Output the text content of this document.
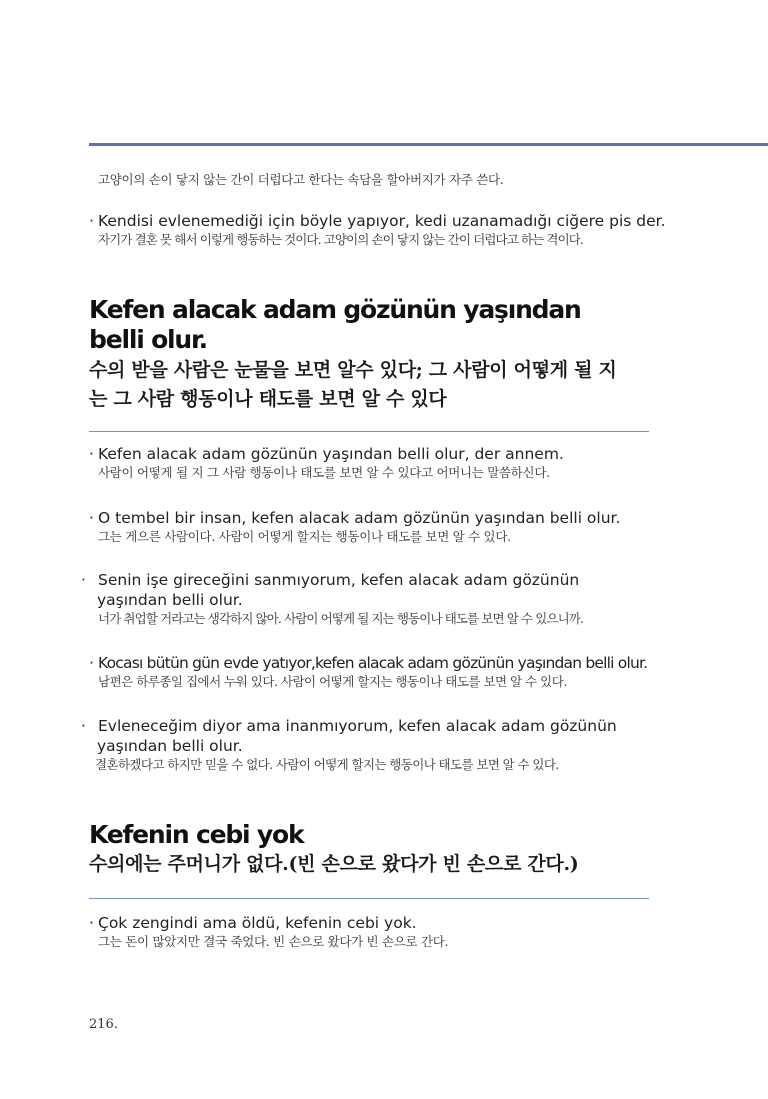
고양이의 손이 닿지 않는 간이 더럽다고 한다는 속담을 할아버지가 자주 쓴다.
· Kendisi evlenemediği için böyle yapıyor, kedi uzanamadığı ciğere pis der.
자기가 결혼 못 해서 이렇게 행동하는 것이다. 고양이의 손이 닿지 않는 간이 더럽다고 하는 격이다.
Kefen alacak adam gözünün yaşından belli olur.
수의 받을 사람은 눈물을 보면 알수 있다; 그 사람이 어떻게 될 지는 그 사람 행동이나 태도를 보면 알 수 있다
· Kefen alacak adam gözünün yaşından belli olur, der annem.
사람이 어떻게 될 지 그 사람 행동이나 태도를 보면 알 수 있다고 어머니는 말씀하신다.
· O tembel bir insan, kefen alacak adam gözünün yaşından belli olur.
그는 게으른 사람이다. 사람이 어떻게 할지는 행동이나 태도를 보면 알 수 있다.
· Senin işe gireceğini sanmıyorum, kefen alacak adam gözünün yaşından belli olur.
너가 취업할 거라고는 생각하지 않아. 사람이 어떻게 될 지는 행동이나 태도를 보면 알 수 있으니까.
· Kocası bütün gün evde yatıyor,kefen alacak adam gözünün yaşından belli olur.
남편은 하루종일 집에서 누워 있다. 사람이 어떻게 할지는 행동이나 태도를 보면 알 수 있다.
· Evleneceğim diyor ama inanmıyorum, kefen alacak adam gözünün yaşından belli olur.
결혼하겠다고 하지만 믿을 수 없다. 사람이 어떻게 할지는 행동이나 태도를 보면 알 수 있다.
Kefenin cebi yok
수의에는 주머니가 없다.(빈 손으로 왔다가 빈 손으로 간다.)
· Çok zengindi ama öldü, kefenin cebi yok.
그는 돈이 많았지만 결국 죽었다. 빈 손으로 왔다가 빈 손으로 간다.
216.
